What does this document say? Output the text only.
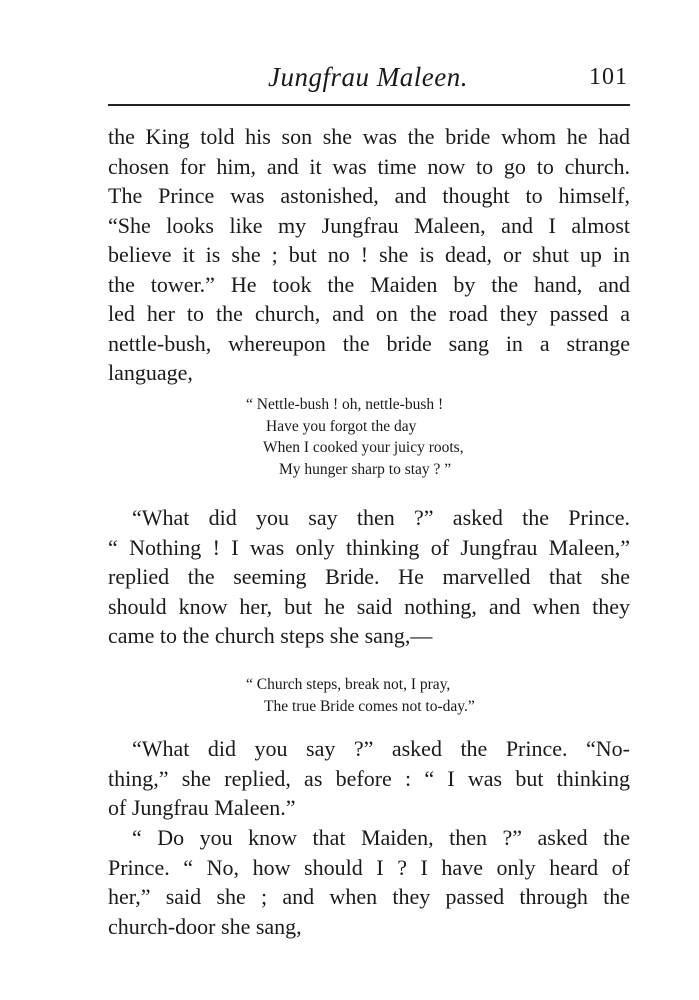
Jungfrau Maleen.	101
the King told his son she was the bride whom he had
chosen for him, and it was time now to go to church.
The Prince was astonished, and thought to himself,
“She looks like my Jungfrau Maleen, and I almost
believe it is she ; but no ! she is dead, or shut up in
the tower.” He took the Maiden by the hand, and
led her to the church, and on the road they passed a
nettle-bush, whereupon the bride sang in a strange
language,
“ Nettle-bush ! oh, nettle-bush !
Have you forgot the day
When I cooked your juicy roots,
My hunger sharp to stay ? ”
“What did you say then ?” asked the Prince.
“ Nothing ! I was only thinking of Jungfrau Maleen,”
replied the seeming Bride. He marvelled that she
should know her, but he said nothing, and when they
came to the church steps she sang,—
“ Church steps, break not, I pray,
The true Bride comes not to-day.”
“What did you say ?” asked the Prince. “No-
thing,” she replied, as before : “ I was but thinking
of Jungfrau Maleen.”
“ Do you know that Maiden, then ?” asked the
Prince. “ No, how should I ? I have only heard of
her,” said she ; and when they passed through the
church-door she sang,
